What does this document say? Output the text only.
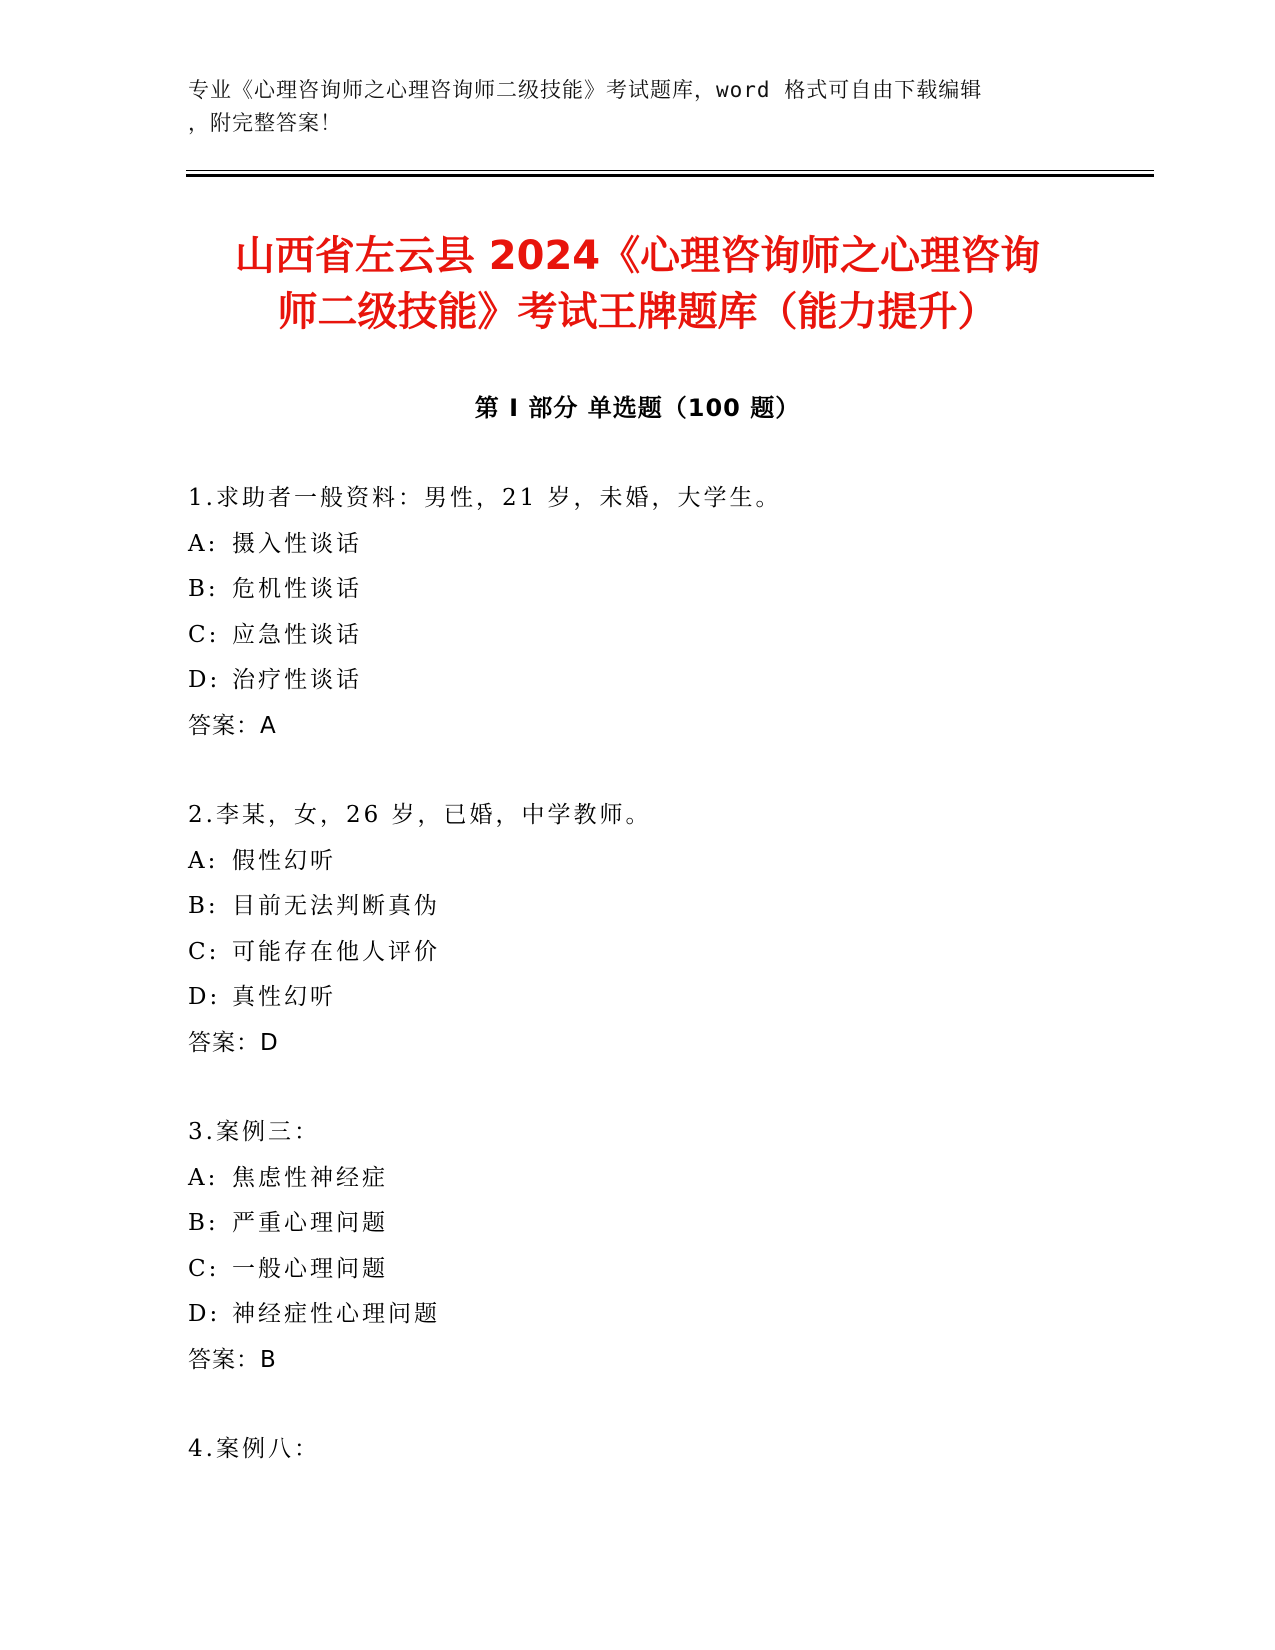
专业《心理咨询师之心理咨询师二级技能》考试题库，word 格式可自由下载编辑
，附完整答案！
山西省左云县 2024《心理咨询师之心理咨询
师二级技能》考试王牌题库（能力提升）
第 I 部分 单选题（100 题）
1.求助者一般资料：男性，21 岁，未婚，大学生。
A: 摄入性谈话
B: 危机性谈话
C: 应急性谈话
D: 治疗性谈话
答案：A
2.李某，女，26 岁，已婚，中学教师。
A: 假性幻听
B: 目前无法判断真伪
C: 可能存在他人评价
D: 真性幻听
答案：D
3.案例三：
A: 焦虑性神经症
B: 严重心理问题
C: 一般心理问题
D: 神经症性心理问题
答案：B
4.案例八：
